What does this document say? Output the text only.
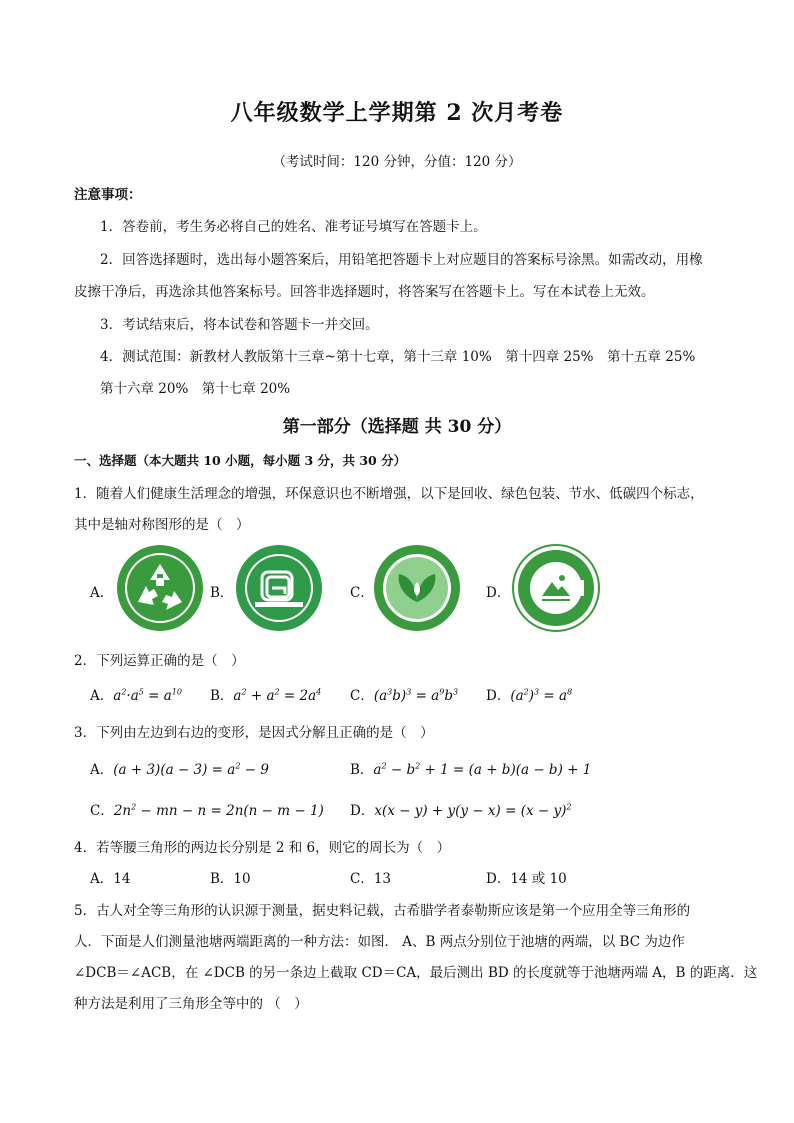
八年级数学上学期第 2 次月考卷
（考试时间：120 分钟，分值：120 分）
注意事项：
1．答卷前，考生务必将自己的姓名、准考证号填写在答题卡上。
2．回答选择题时，选出每小题答案后，用铅笔把答题卡上对应题目的答案标号涂黑。如需改动，用橡
皮擦干净后，再选涂其他答案标号。回答非选择题时，将答案写在答题卡上。写在本试卷上无效。
3．考试结束后，将本试卷和答题卡一并交回。
4．测试范围：新教材人教版第十三章~第十七章，第十三章 10%　第十四章 25%　第十五章 25%
第十六章 20%　第十七章 20%
第一部分（选择题 共 30 分）
一、选择题（本大题共 10 小题，每小题 3 分，共 30 分）
1．随着人们健康生活理念的增强，环保意识也不断增强，以下是回收、绿色包装、节水、低碳四个标志，
其中是轴对称图形的是（　）
A．	B．	C．	D．
2．下列运算正确的是（　）
A．$a^2\cdot a^5 = a^{10}$ B．$a^2 + a^2 = 2a^4$ C．$(a^3b)^3 = a^9b^3$ D．$(a^2)^3 = a^8$
3．下列由左边到右边的变形，是因式分解且正确的是（　）
A．$(a + 3)(a - 3) = a^2 - 9$	B．$a^2 - b^2 + 1 = (a + b)(a - b) + 1$
C．$2n^2$ − mn − n = 2n(n − m − 1) D．$x(x - y) + y(y - x) = (x - y)^2$
4．若等腰三角形的两边长分别是 2 和 6，则它的周长为（　）
A．14	B．10	C．13	D．14 或 10
5．古人对全等三角形的认识源于测量，据史料记载，古希腊学者泰勒斯应该是第一个应用全等三角形的
人．下面是人们测量池塘两端距离的一种方法：如图． A、B 两点分别位于池塘的两端，以 BC 为边作
∠DCB＝∠ACB，在 ∠DCB 的另一条边上截取 CD＝CA，最后测出 BD 的长度就等于池塘两端 A，B 的距离．这
种方法是利用了三角形全等中的 （　）
